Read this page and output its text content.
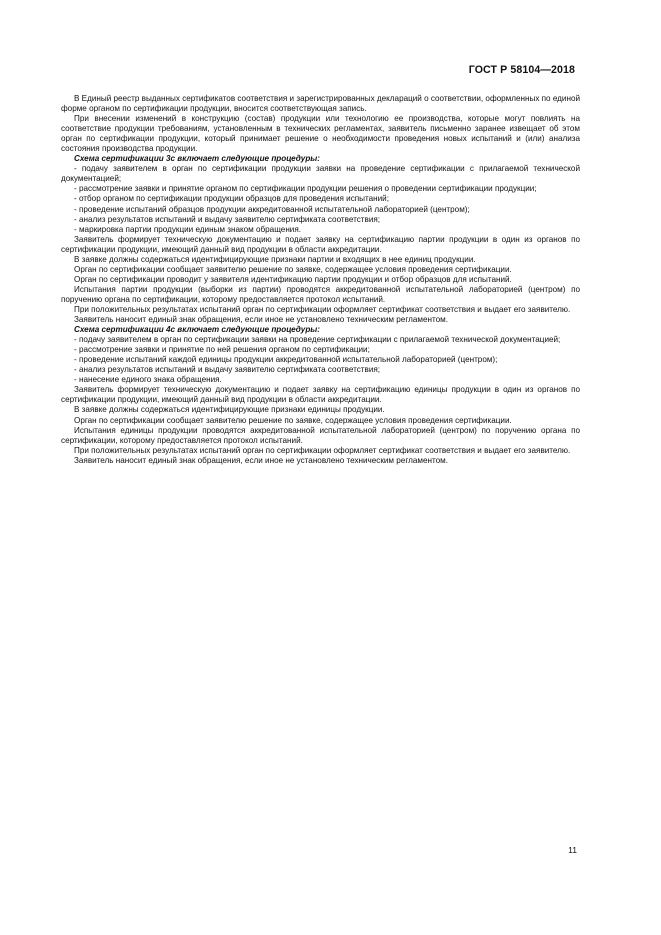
ГОСТ Р 58104—2018

В Единый реестр выданных сертификатов соответствия и зарегистрированных деклараций о соответствии, оформленных по единой форме органом по сертификации продукции, вносится соответствующая запись.

При внесении изменений в конструкцию (состав) продукции или технологию ее производства, которые могут повлиять на соответствие продукции требованиям, установленным в технических регламентах, заявитель письменно заранее извещает об этом орган по сертификации продукции, который принимает решение о необходимости проведения новых испытаний и (или) анализа состояния производства продукции.

Схема сертификации 3с включает следующие процедуры:

- подачу заявителем в орган по сертификации продукции заявки на проведение сертификации с прилагаемой технической документацией;

- рассмотрение заявки и принятие органом по сертификации продукции решения о проведении сертификации продукции;

- отбор органом по сертификации продукции образцов для проведения испытаний;

- проведение испытаний образцов продукции аккредитованной испытательной лабораторией (центром);

- анализ результатов испытаний и выдачу заявителю сертификата соответствия;

- маркировка партии продукции единым знаком обращения.

Заявитель формирует техническую документацию и подает заявку на сертификацию партии продукции в один из органов по сертификации продукции, имеющий данный вид продукции в области аккредитации.

В заявке должны содержаться идентифицирующие признаки партии и входящих в нее единиц продукции.

Орган по сертификации сообщает заявителю решение по заявке, содержащее условия проведения сертификации.

Орган по сертификации проводит у заявителя идентификацию партии продукции и отбор образцов для испытаний.

Испытания партии продукции (выборки из партии) проводятся аккредитованной испытательной лабораторией (центром) по поручению органа по сертификации, которому предоставляется протокол испытаний.

При положительных результатах испытаний орган по сертификации оформляет сертификат соответствия и выдает его заявителю.

Заявитель наносит единый знак обращения, если иное не установлено техническим регламентом.

Схема сертификации 4с включает следующие процедуры:

- подачу заявителем в орган по сертификации заявки на проведение сертификации с прилагаемой технической документацией;

- рассмотрение заявки и принятие по ней решения органом по сертификации;

- проведение испытаний каждой единицы продукции аккредитованной испытательной лабораторией (центром);

- анализ результатов испытаний и выдачу заявителю сертификата соответствия;

- нанесение единого знака обращения.

Заявитель формирует техническую документацию и подает заявку на сертификацию единицы продукции в один из органов по сертификации продукции, имеющий данный вид продукции в области аккредитации.

В заявке должны содержаться идентифицирующие признаки единицы продукции.

Орган по сертификации сообщает заявителю решение по заявке, содержащее условия проведения сертификации.

Испытания единицы продукции проводятся аккредитованной испытательной лабораторией (центром) по поручению органа по сертификации, которому предоставляется протокол испытаний.

При положительных результатах испытаний орган по сертификации оформляет сертификат соответствия и выдает его заявителю.

Заявитель наносит единый знак обращения, если иное не установлено техническим регламентом.

11
